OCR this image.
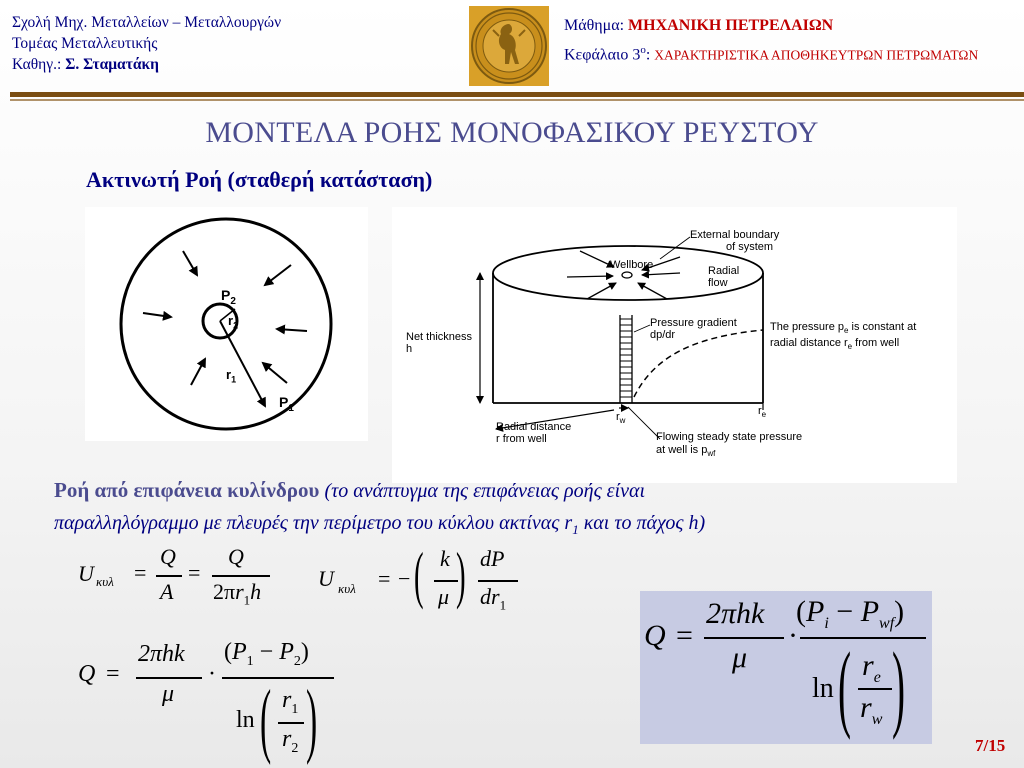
Σχολή Μηχ. Μεταλλείων – Μεταλλουργών
Τομέας Μεταλλευτικής
Καθηγ.: Σ. Σταματάκη
Μάθημα: ΜΗΧΑΝΙΚΗ ΠΕΤΡΕΛΑΙΩΝ
Κεφάλαιο $3^o$: ΧΑΡΑΚΤΗΡΙΣΤΙΚΑ ΑΠΟΘΗΚΕΥΤΡΩΝ ΠΕΤΡΩΜΑΤΩΝ
ΜΟΝΤΕΛΑ ΡΟΗΣ ΜΟΝΟΦΑΣΙΚΟΥ ΡΕΥΣΤΟΥ
Ακτινωτή Ροή (σταθερή κατάσταση)
$P_2$
$r_2$
$r_1$
$P_1$
External boundary
of system
Wellbore	Radial
flow
Pressure gradient
dp/dr
Net thickness
h
The pressure $p_e$ is constant at
radial distance $r_e$ from well
$r_e$
$r_w$
Radial distance
r from well	Flowing steady state pressure
at well is $p_{wf}$
Ροή από επιφάνεια κυλίνδρου (το ανάπτυγμα της επιφάνειας ροής είναι
παραλληλόγραμμο με πλευρές την περίμετρο του κύκλου ακτίνας $r_1$ και το πάχος h)
U κυλ =
Q
A
=
Q
$2\pi r_1h$
U κυλ = − ( k
μ ) dP
$dr_1$
Q =
2πhk
μ
·
$(P_1 - P_2)$
ln ( $r_1$
$r_2$ )
Q =
2πhk
μ
·
$(P_i - P_{wf})$
ln ( $r_e$
$r_w$ )
7/15
